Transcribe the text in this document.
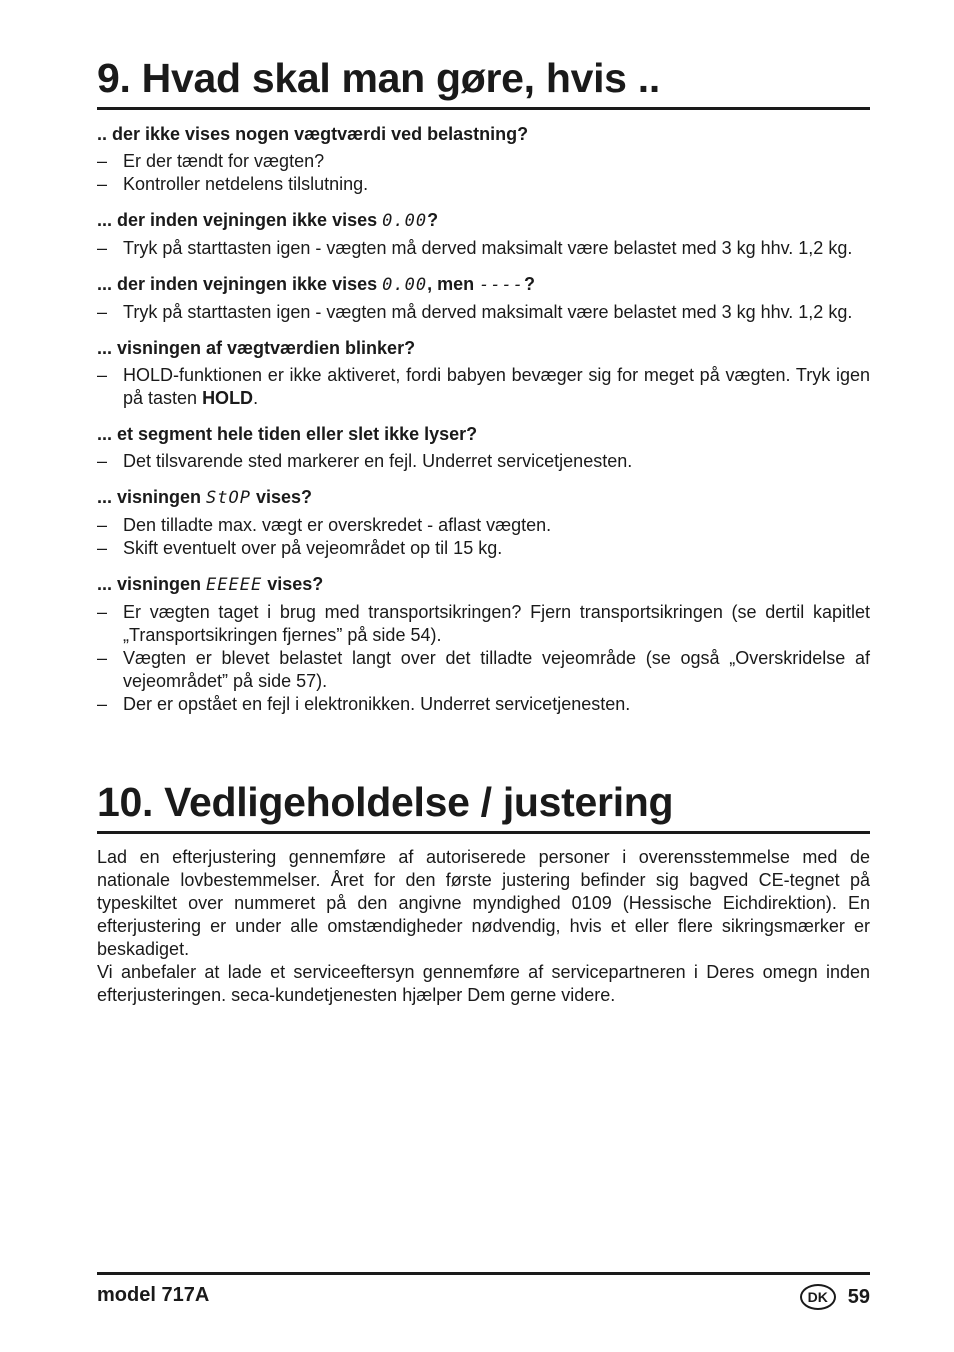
9. Hvad skal man gøre, hvis ..
.. der ikke vises nogen vægtværdi ved belastning?
– Er der tændt for vægten?
– Kontroller netdelens tilslutning.
... der inden vejningen ikke vises 0.00?
– Tryk på starttasten igen - vægten må derved maksimalt være belastet med 3 kg hhv. 1,2 kg.
... der inden vejningen ikke vises 0.00, men ----?
– Tryk på starttasten igen - vægten må derved maksimalt være belastet med 3 kg hhv. 1,2 kg.
... visningen af vægtværdien blinker?
– HOLD-funktionen er ikke aktiveret, fordi babyen bevæger sig for meget på vægten. Tryk igen på tasten HOLD.
... et segment hele tiden eller slet ikke lyser?
– Det tilsvarende sted markerer en fejl. Underret servicetjenesten.
... visningen StOP vises?
– Den tilladte max. vægt er overskredet - aflast vægten.
– Skift eventuelt over på vejeområdet op til 15 kg.
... visningen EEEEE vises?
– Er vægten taget i brug med transportsikringen? Fjern transportsikringen (se dertil kapitlet „Transportsikringen fjernes” på side 54).
– Vægten er blevet belastet langt over det tilladte vejeområde (se også „Overskridelse af vejeområdet” på side 57).
– Der er opstået en fejl i elektronikken. Underret servicetjenesten.
10. Vedligeholdelse / justering

Lad en efterjustering gennemføre af autoriserede personer i overensstemmelse med de nationale lovbestemmelser. Året for den første justering befinder sig bagved CE-tegnet på typeskiltet over nummeret på den angivne myndighed 0109 (Hessische Eichdirektion). En efterjustering er under alle omstændigheder nødvendig, hvis et eller flere sikringsmærker er beskadiget.

Vi anbefaler at lade et serviceeftersyn gennemføre af servicepartneren i Deres omegn inden efterjusteringen. seca-kundetjenesten hjælper Dem gerne videre.

model 717A	DK 59
